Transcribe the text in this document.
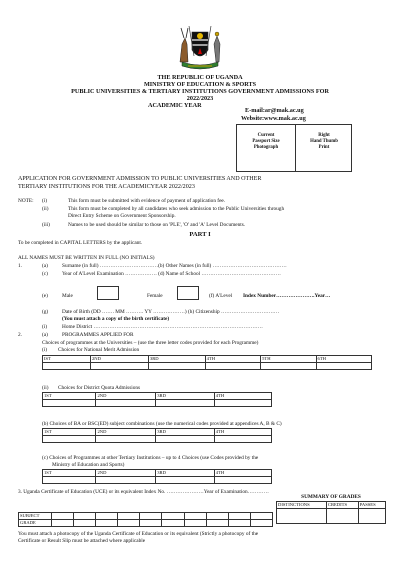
THE REPUBLIC OF UGANDA
MINISTRY OF EDUCATION & SPORTS
PUBLIC UNIVERSITIES & TERTIARY INSTITUTIONS GOVERNMENT ADMISSIONS FOR
2022/2023
ACADEMIC YEAR
E-mail:ar@mak.ac.ug
Website:www.mak.ac.ug
Current
Passport Size
Photograph
Right
Hand Thumb
Print
APPLICATION FOR GOVERNMENT ADMISSION TO PUBLIC UNIVERSITIES AND OTHER
TERTIARY INSTITUTIONS FOR THE ACADEMICYEAR 2022/2023
NOTE: (i)	This form must be submitted with evidence of payment of application fee.
(ii)	This form must be completed by all candidates who seek admission to the Public Universities through
Direct Entry Scheme on Government Sponsorship.
(iii)	Names to be used should be similar to those on 'PLE', 'O' and 'A' Level Documents.
PART I
To be completed in CAPITAL LETTERS by the applicant.
ALL NAMES MUST BE WRITTEN IN FULL (NO INITIALS)
1.	(a)	Surname (in full) ……………………………(b) Other Names (in full) ……………………………………
(c)	Year of A'Level Examination ……………… (d) Name of School ………………………………………
(e)	Male	Female	(f) A'Level Index Number………………….Year…
(g)	Date of Birth (DD ……. MM ………. YY ………………) (h) Citizenship ……………………………
(You must attach a copy of the birth certificate)
(i)	Home District ……………………………………………………………………………………
2.	(a)	PROGRAMMES APPLIED FOR
Choices of programmes at the Universities – (use the three letter codes provided for each Programme)
(i) Choices for National Merit Admission
IST	2ND	3RD	4TH	5TH	6TH

(ii) Choices for District Quota Admissions
1ST	2ND	3RD	4TH

(b) Choices of BA or BSC(ED) subject combinations (use the numerical codes provided at appendices A, B & C)
1ST	2ND	3RD	4TH

(c) Choices of Programmes at other Tertiary Institutions – up to 4 Choices (use Codes provided by the
Ministry of Education and Sports)
1ST	2ND	3RD	4TH

3. Uganda Certificate of Education (UCE) or its equivalent Index No. …………………Year of Examination…………
SUMMARY OF GRADES
DISTINCTIONS	CREDITS	PASSES

SUBJECT										
GRADE										
You must attach a photocopy of the Uganda Certificate of Education or its equivalent (Strictly a photocopy of the
Certificate or Result Slip must be attached where applicable
